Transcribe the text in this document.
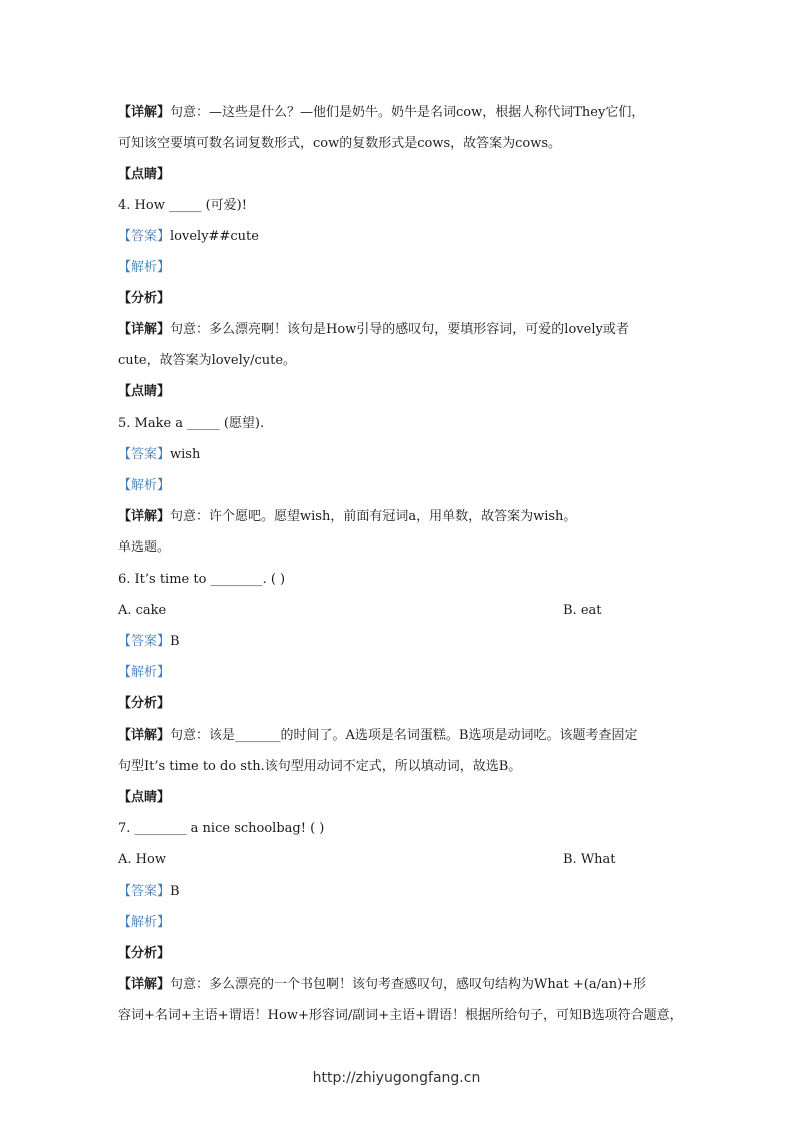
【详解】句意：—这些是什么？—他们是奶牛。奶牛是名词cow，根据人称代词They它们，
可知该空要填可数名词复数形式，cow的复数形式是cows，故答案为cows。
【点睛】
4. How _____ (可爱)!
【答案】lovely##cute
【解析】
【分析】
【详解】句意：多么漂亮啊！该句是How引导的感叹句，要填形容词，可爱的lovely或者
cute，故答案为lovely/cute。
【点睛】
5. Make a _____ (愿望).
【答案】wish
【解析】
【详解】句意：许个愿吧。愿望wish，前面有冠词a，用单数，故答案为wish。
单选题。
6. It’s time to ________. ( )
A. cake	B. eat
【答案】B
【解析】
【分析】
【详解】句意：该是_______的时间了。A选项是名词蛋糕。B选项是动词吃。该题考查固定
句型It’s time to do sth.该句型用动词不定式，所以填动词，故选B。
【点睛】
7. ________ a nice schoolbag! ( )
A. How	B. What
【答案】B
【解析】
【分析】
【详解】句意：多么漂亮的一个书包啊！该句考查感叹句，感叹句结构为What +(a/an)+形
容词+名词+主语+谓语！How+形容词/副词+主语+谓语！根据所给句子，可知B选项符合题意，
http://zhiyugongfang.cn
